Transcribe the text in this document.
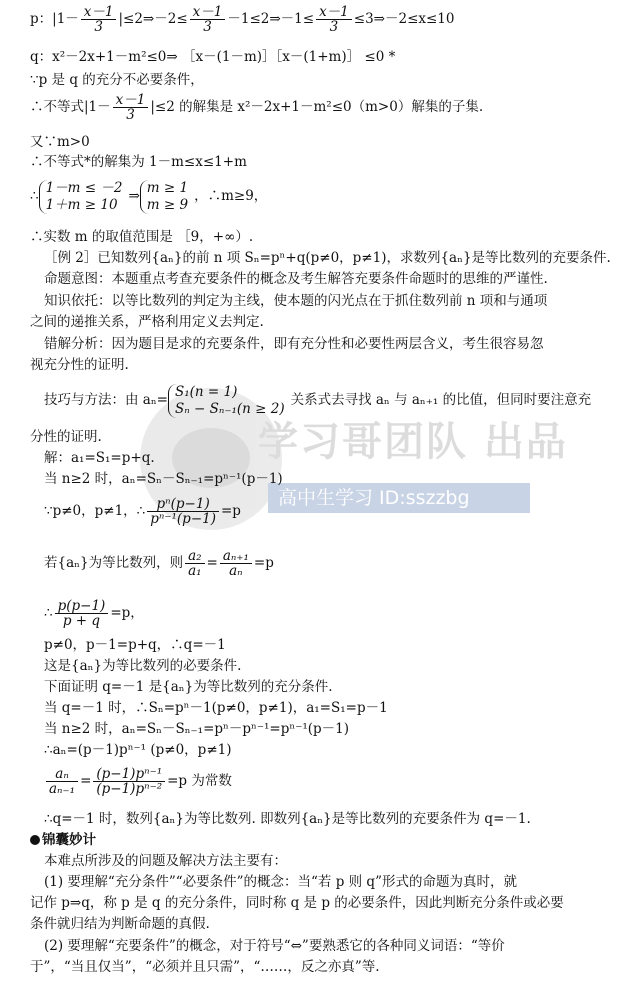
学习哥团队 出品
高中生学习 ID:sszzbg
p：$|1- \frac{x-1}{3}$ |≤2⇒－2≤ $\frac{x-1}{3}$ －1≤2⇒－1≤ $\frac{x-1}{3}$ ≤3⇒－2≤x≤10
q：x²－2x+1－m²≤0⇒ ［x－(1－m)］［x－(1+m)］ ≤0 *
∵p 是 q 的充分不必要条件，
∴不等式$|1- \frac{x-1}{3} |\le 2$ 的解集是 x²－2x+1－m²≤0（m>0）解集的子集.
又∵m>0
∴不等式*的解集为 1－m≤x≤1+m
∴
1－m ≤ －2
1＋m ≥ 10
⇒
m ≥ 1
m ≥ 9
，∴m≥9，
∴实数 m 的取值范围是 ［9，+∞）.
［例 2］已知数列{aₙ}的前 n 项 Sₙ=pⁿ+q(p≠0，p≠1)，求数列{aₙ}是等比数列的充要条件.
命题意图：本题重点考查充要条件的概念及考生解答充要条件命题时的思维的严谨性.
知识依托：以等比数列的判定为主线，使本题的闪光点在于抓住数列前 n 项和与通项
之间的递推关系，严格利用定义去判定.
错解分析：因为题目是求的充要条件，即有充分性和必要性两层含义，考生很容易忽
视充分性的证明.
技巧与方法：由 aₙ=
S₁(n = 1)
Sₙ − Sₙ₋₁(n ≥ 2)
关系式去寻找 aₙ 与 aₙ₊₁ 的比值，但同时要注意充
分性的证明.
解：a₁=S₁=p+q.
当 n≥2 时，aₙ=Sₙ－Sₙ₋₁=pⁿ⁻¹(p－1)
∵p≠0，p≠1，∴ $\frac{\text{pⁿ(p−1)}}{\text{pⁿ⁻¹(p−1)}} =p$
若{aₙ}为等比数列，则 $\frac{\text{a₂}}{\text{a₁}} = \frac{\text{aₙ₊₁}}{\text{aₙ}} =p$
∴ $\frac{p(p-1)}{p + q} =p$，
p≠0，p－1=p+q，∴q=－1
这是{aₙ}为等比数列的必要条件.
下面证明 q=－1 是{aₙ}为等比数列的充分条件.
当 q=－1 时，∴Sₙ=pⁿ－1(p≠0，p≠1)，a₁=S₁=p－1
当 n≥2 时，aₙ=Sₙ－Sₙ₋₁=pⁿ－pⁿ⁻¹=pⁿ⁻¹(p－1)
∴aₙ=(p－1)pⁿ⁻¹ (p≠0，p≠1)
$\frac{\text{aₙ}}{\text{aₙ₋₁}} = \frac{\text{(p−1)pⁿ⁻¹}}{\text{(p−1)pⁿ⁻²}} =p$ 为常数
∴q=－1 时，数列{aₙ}为等比数列. 即数列{aₙ}是等比数列的充要条件为 q=－1.
锦囊妙计
本难点所涉及的问题及解决方法主要有：
(1) 要理解“充分条件”“必要条件”的概念：当“若 p 则 q”形式的命题为真时，就
记作 p⇒q，称 p 是 q 的充分条件，同时称 q 是 p 的必要条件，因此判断充分条件或必要
条件就归结为判断命题的真假.
(2) 要理解“充要条件”的概念，对于符号“⇔”要熟悉它的各种同义词语：“等价
于”，“当且仅当”，“必须并且只需”，“……，反之亦真”等.
